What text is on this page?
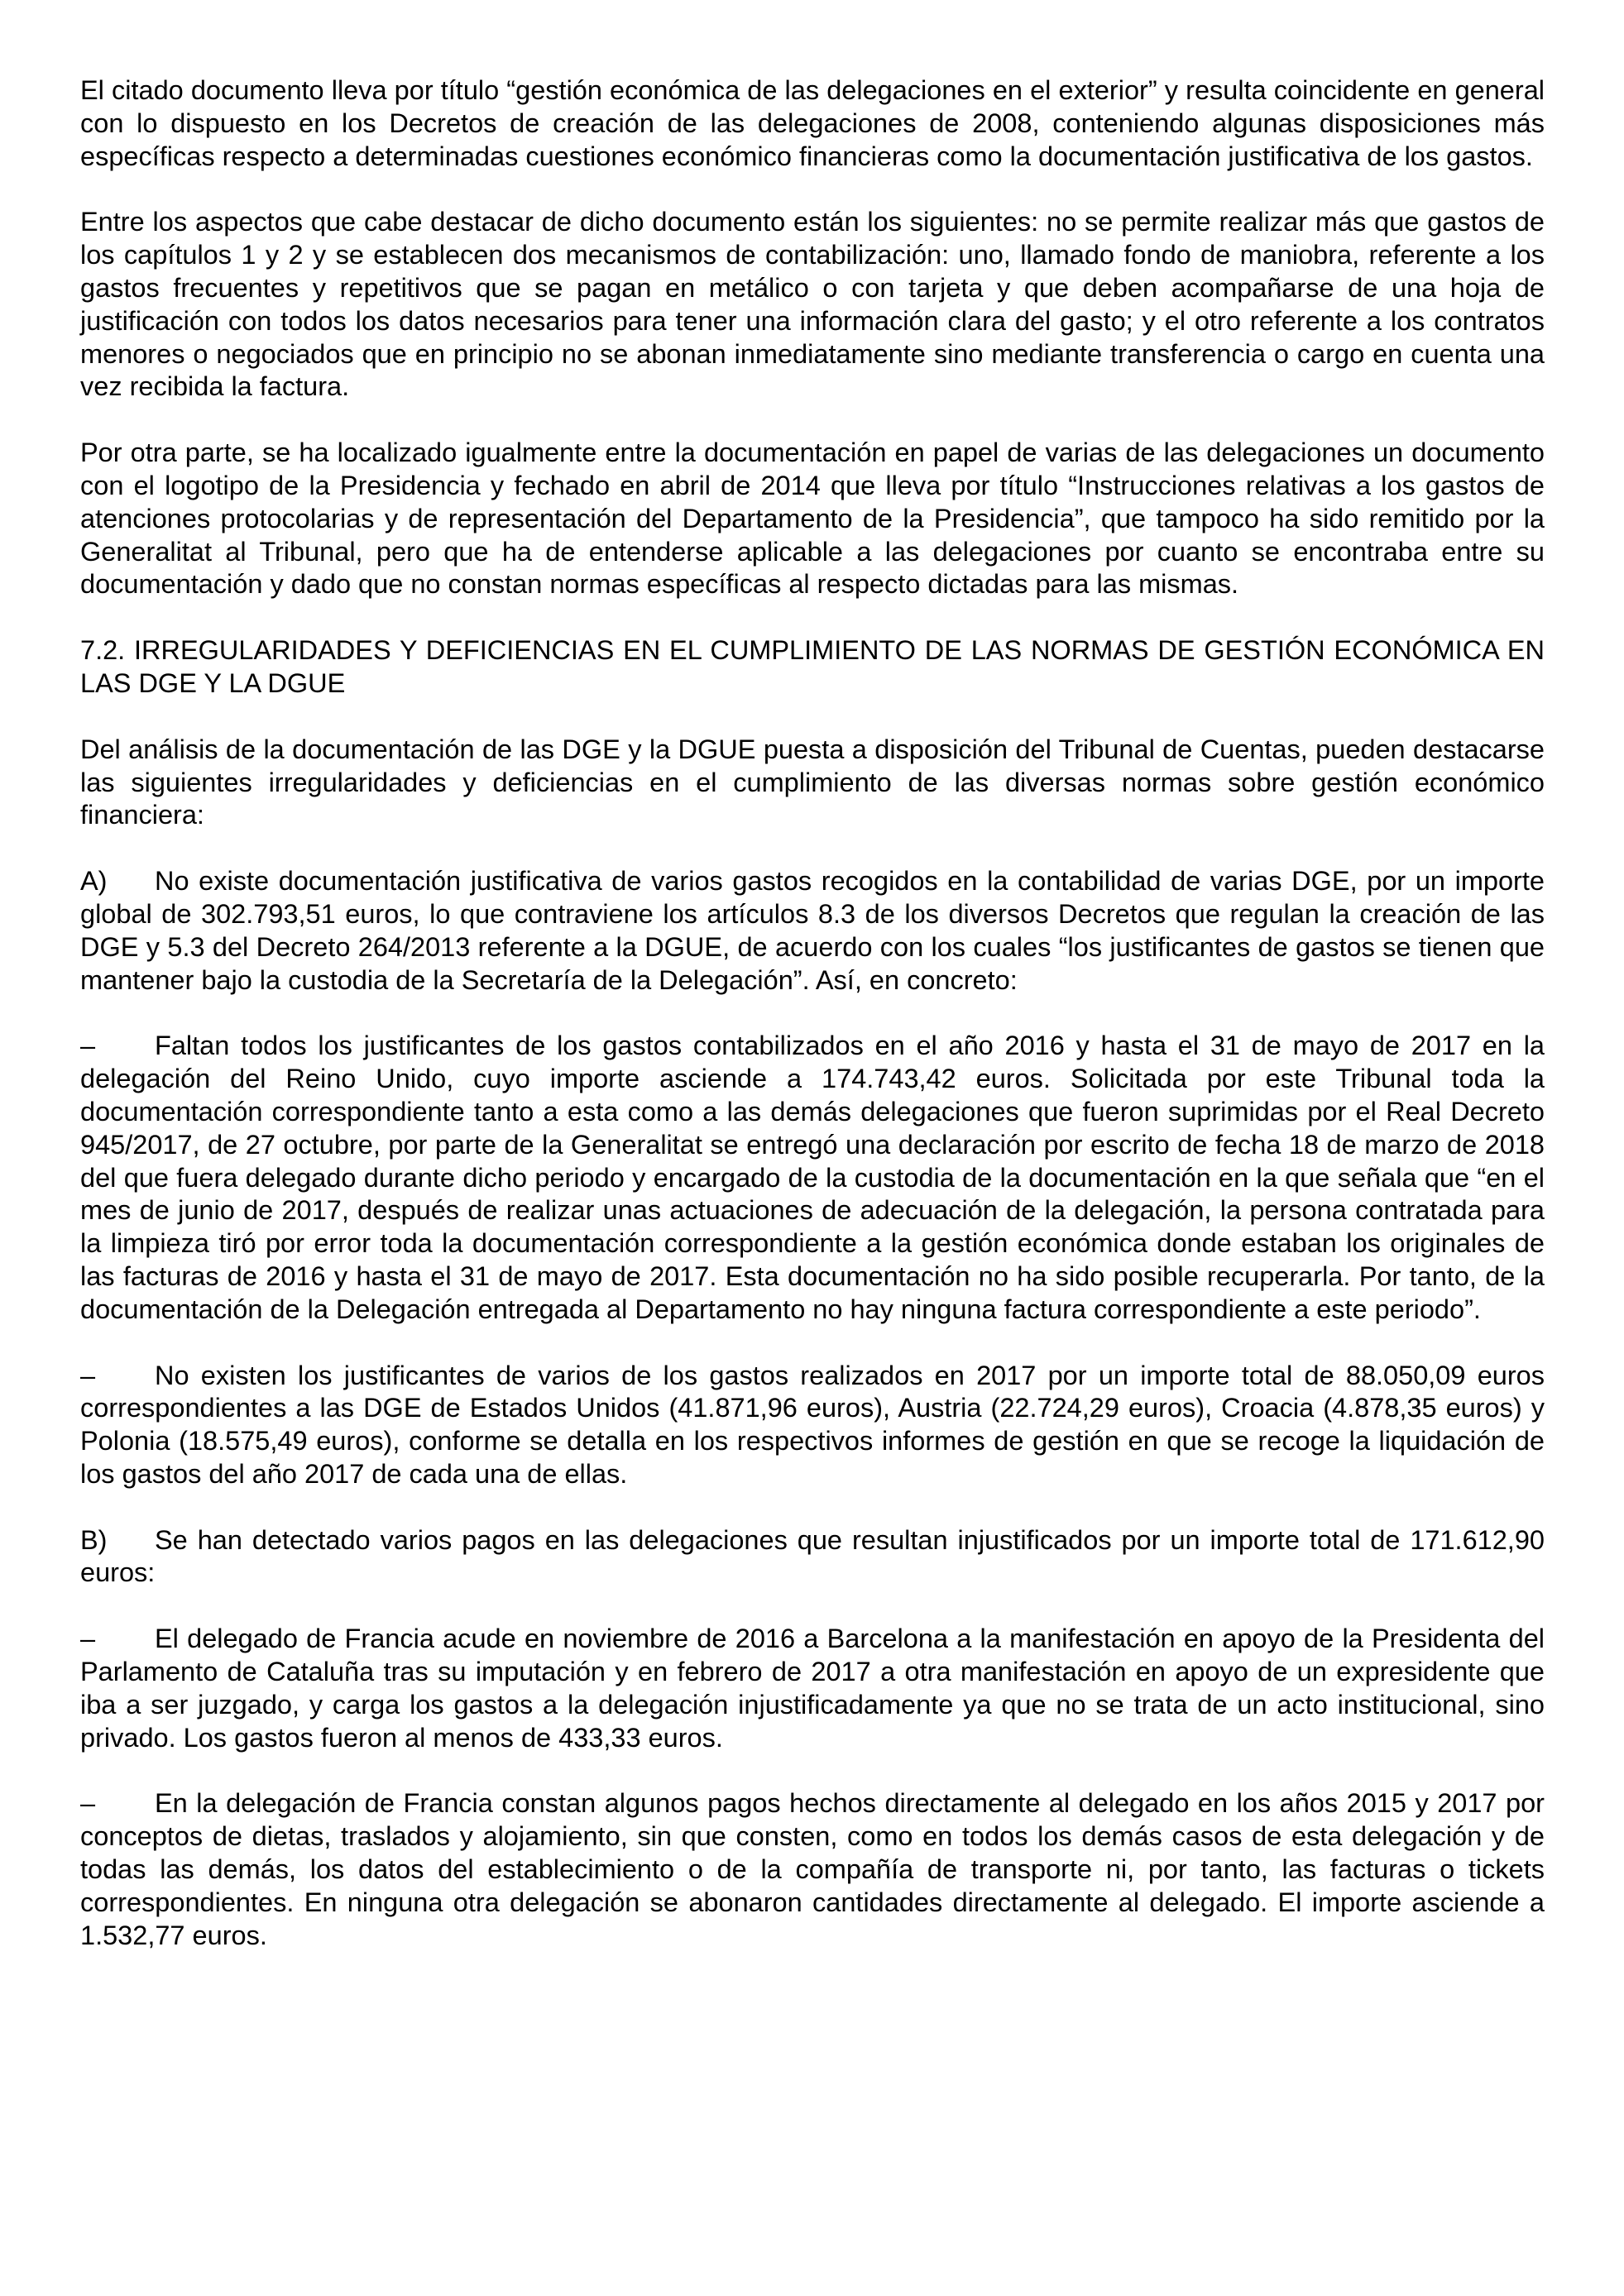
El citado documento lleva por título “gestión económica de las delegaciones en el exterior” y resulta coincidente en general con lo dispuesto en los Decretos de creación de las delegaciones de 2008, conteniendo algunas disposiciones más específicas respecto a determinadas cuestiones económico financieras como la documentación justificativa de los gastos.

Entre los aspectos que cabe destacar de dicho documento están los siguientes: no se permite realizar más que gastos de los capítulos 1 y 2 y se establecen dos mecanismos de contabilización: uno, llamado fondo de maniobra, referente a los gastos frecuentes y repetitivos que se pagan en metálico o con tarjeta y que deben acompañarse de una hoja de justificación con todos los datos necesarios para tener una información clara del gasto; y el otro referente a los contratos menores o negociados que en principio no se abonan inmediatamente sino mediante transferencia o cargo en cuenta una vez recibida la factura.

Por otra parte, se ha localizado igualmente entre la documentación en papel de varias de las delegaciones un documento con el logotipo de la Presidencia y fechado en abril de 2014 que lleva por título “Instrucciones relativas a los gastos de atenciones protocolarias y de representación del Departamento de la Presidencia”, que tampoco ha sido remitido por la Generalitat al Tribunal, pero que ha de entenderse aplicable a las delegaciones por cuanto se encontraba entre su documentación y dado que no constan normas específicas al respecto dictadas para las mismas.

7.2. IRREGULARIDADES Y DEFICIENCIAS EN EL CUMPLIMIENTO DE LAS NORMAS DE GESTIÓN ECONÓMICA EN LAS DGE Y LA DGUE

Del análisis de la documentación de las DGE y la DGUE puesta a disposición del Tribunal de Cuentas, pueden destacarse las siguientes irregularidades y deficiencias en el cumplimiento de las diversas normas sobre gestión económico financiera:

A) No existe documentación justificativa de varios gastos recogidos en la contabilidad de varias DGE, por un importe global de 302.793,51 euros, lo que contraviene los artículos 8.3 de los diversos Decretos que regulan la creación de las DGE y 5.3 del Decreto 264/2013 referente a la DGUE, de acuerdo con los cuales “los justificantes de gastos se tienen que mantener bajo la custodia de la Secretaría de la Delegación”. Así, en concreto:

– Faltan todos los justificantes de los gastos contabilizados en el año 2016 y hasta el 31 de mayo de 2017 en la delegación del Reino Unido, cuyo importe asciende a 174.743,42 euros. Solicitada por este Tribunal toda la documentación correspondiente tanto a esta como a las demás delegaciones que fueron suprimidas por el Real Decreto 945/2017, de 27 octubre, por parte de la Generalitat se entregó una declaración por escrito de fecha 18 de marzo de 2018 del que fuera delegado durante dicho periodo y encargado de la custodia de la documentación en la que señala que “en el mes de junio de 2017, después de realizar unas actuaciones de adecuación de la delegación, la persona contratada para la limpieza tiró por error toda la documentación correspondiente a la gestión económica donde estaban los originales de las facturas de 2016 y hasta el 31 de mayo de 2017. Esta documentación no ha sido posible recuperarla. Por tanto, de la documentación de la Delegación entregada al Departamento no hay ninguna factura correspondiente a este periodo”.

– No existen los justificantes de varios de los gastos realizados en 2017 por un importe total de 88.050,09 euros correspondientes a las DGE de Estados Unidos (41.871,96 euros), Austria (22.724,29 euros), Croacia (4.878,35 euros) y Polonia (18.575,49 euros), conforme se detalla en los respectivos informes de gestión en que se recoge la liquidación de los gastos del año 2017 de cada una de ellas.

B) Se han detectado varios pagos en las delegaciones que resultan injustificados por un importe total de 171.612,90 euros:

– El delegado de Francia acude en noviembre de 2016 a Barcelona a la manifestación en apoyo de la Presidenta del Parlamento de Cataluña tras su imputación y en febrero de 2017 a otra manifestación en apoyo de un expresidente que iba a ser juzgado, y carga los gastos a la delegación injustificadamente ya que no se trata de un acto institucional, sino privado. Los gastos fueron al menos de 433,33 euros.

– En la delegación de Francia constan algunos pagos hechos directamente al delegado en los años 2015 y 2017 por conceptos de dietas, traslados y alojamiento, sin que consten, como en todos los demás casos de esta delegación y de todas las demás, los datos del establecimiento o de la compañía de transporte ni, por tanto, las facturas o tickets correspondientes. En ninguna otra delegación se abonaron cantidades directamente al delegado. El importe asciende a 1.532,77 euros.
